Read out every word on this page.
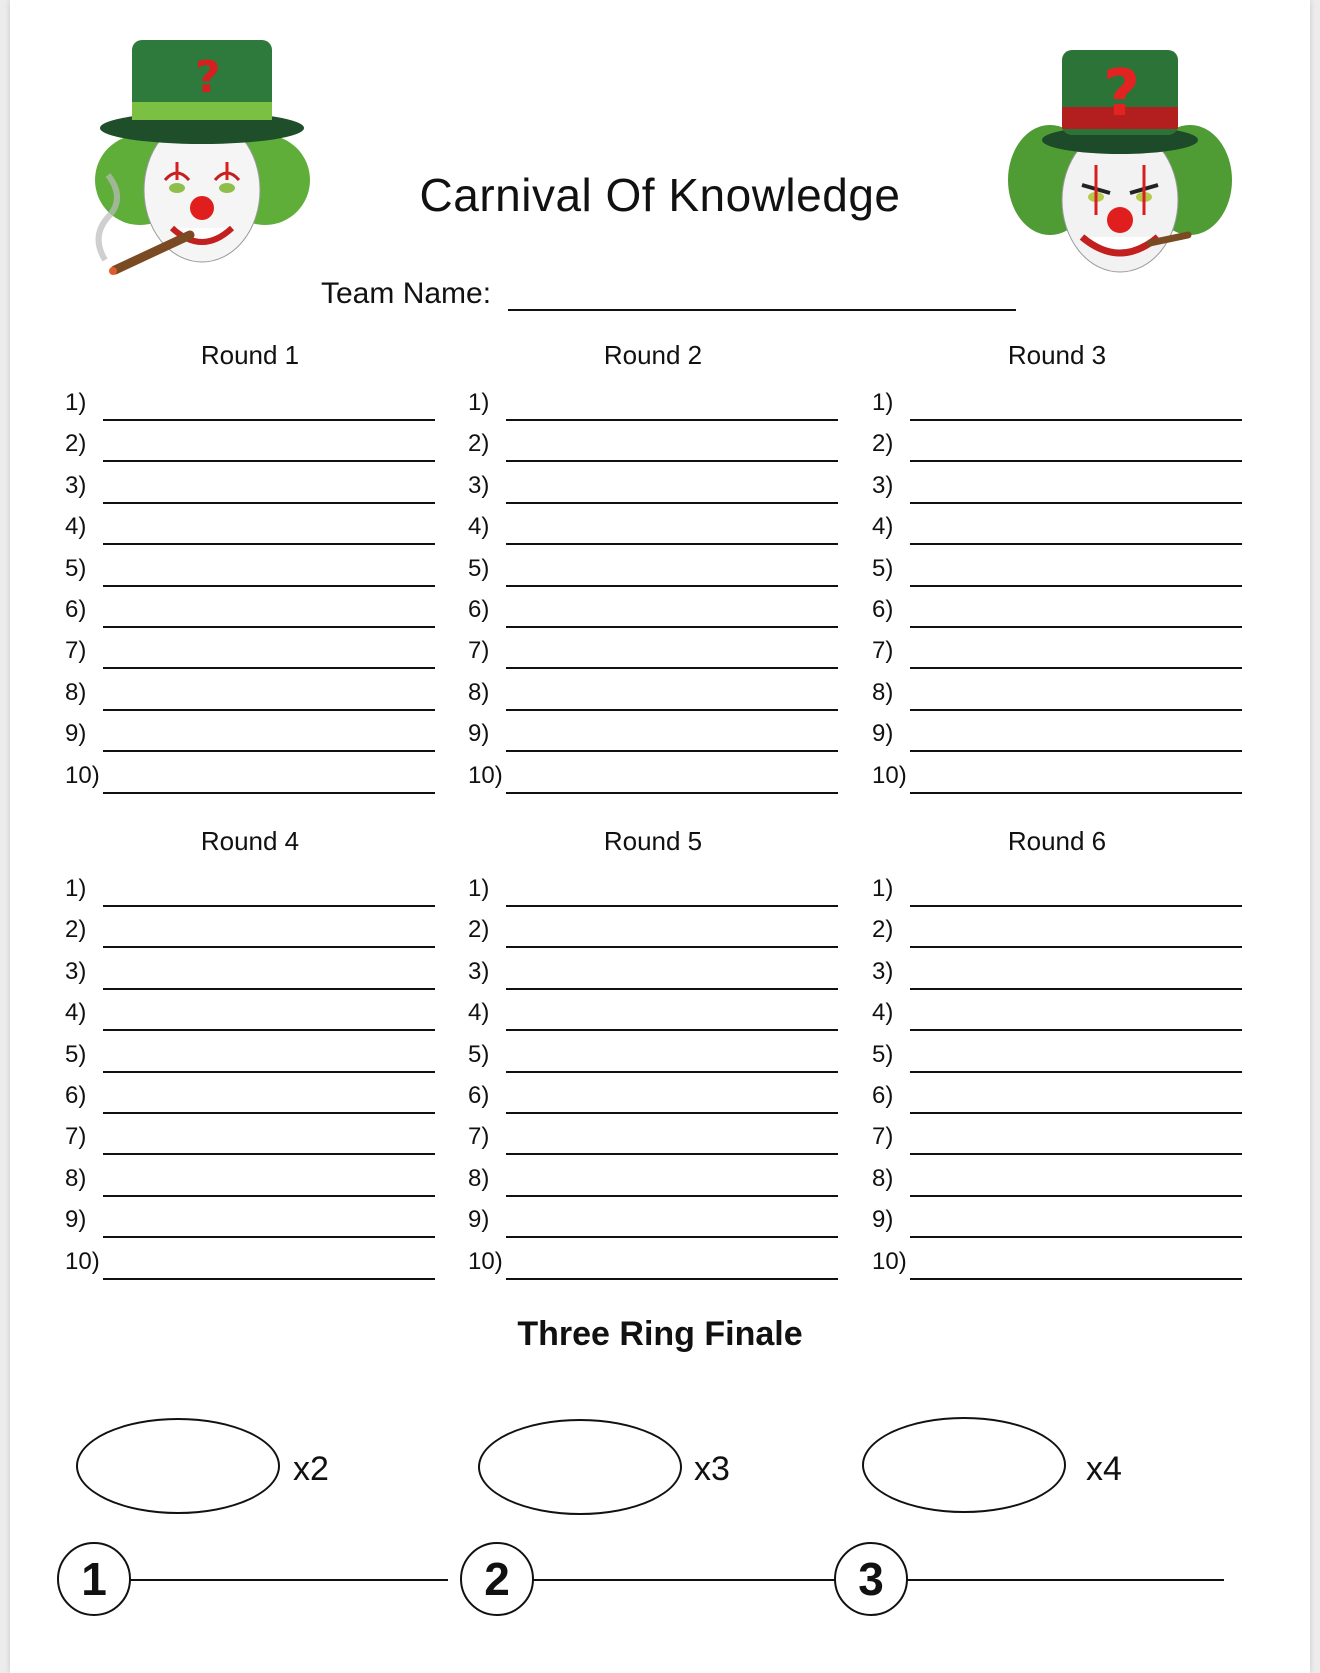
?	?
Carnival Of Knowledge
Team Name:
Round 1
1)
2)
3)
4)
5)
6)
7)
8)
9)
10)
Round 2
1)
2)
3)
4)
5)
6)
7)
8)
9)
10)
Round 3
1)
2)
3)
4)
5)
6)
7)
8)
9)
10)
Round 4
1)
2)
3)
4)
5)
6)
7)
8)
9)
10)
Round 5
1)
2)
3)
4)
5)
6)
7)
8)
9)
10)
Round 6
1)
2)
3)
4)
5)
6)
7)
8)
9)
10)
Three Ring Finale
x2	x3	x4
1	2	3
